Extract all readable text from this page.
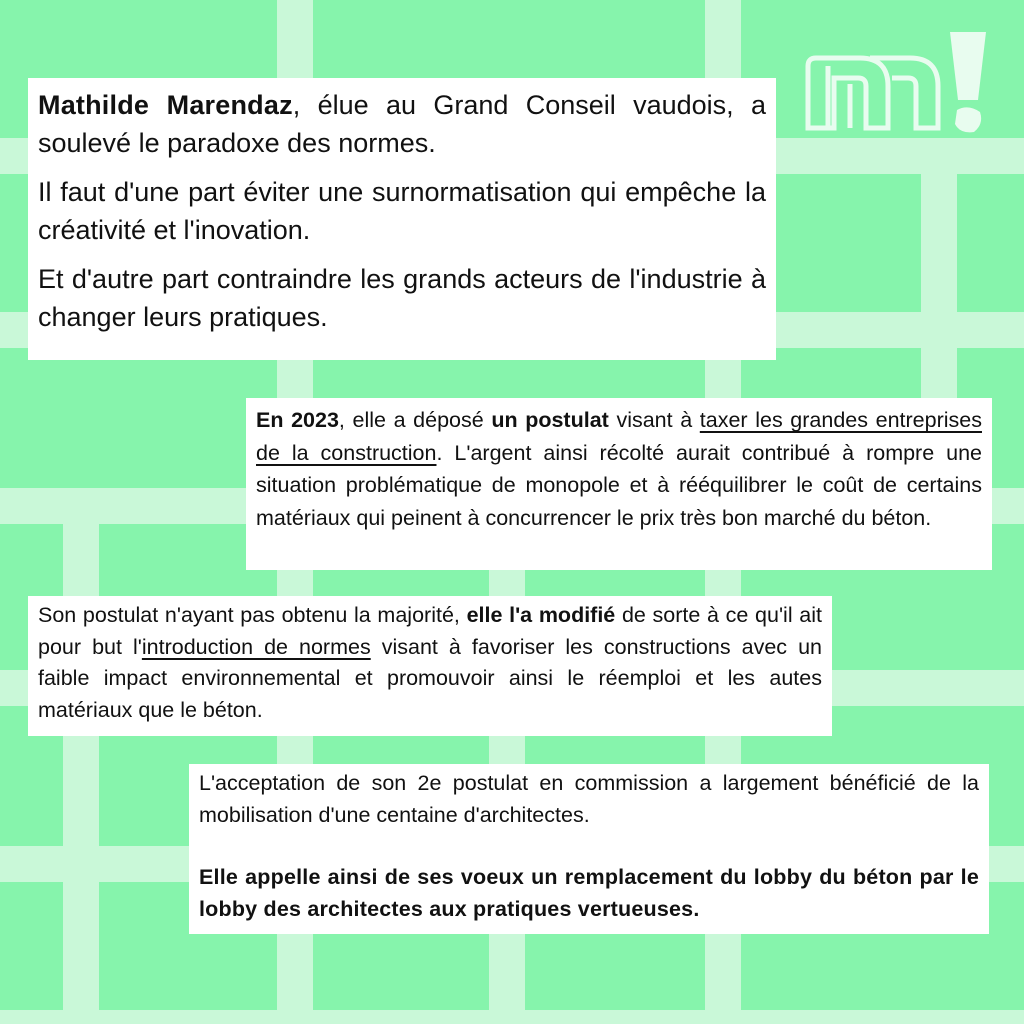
Mathilde Marendaz, élue au Grand Conseil vaudois, a soulevé le paradoxe des normes.

Il faut d'une part éviter une surnormatisation qui empêche la créativité et l'inovation.

Et d'autre part contraindre les grands acteurs de l'industrie à changer leurs pratiques.

En 2023, elle a déposé un postulat visant à taxer les grandes entreprises de la construction. L'argent ainsi récolté aurait contribué à rompre une situation problématique de monopole et à rééquilibrer le coût de certains matériaux qui peinent à concurrencer le prix très bon marché du béton.

Son postulat n'ayant pas obtenu la majorité, elle l'a modifié de sorte à ce qu'il ait pour but l'introduction de normes visant à favoriser les constructions avec un faible impact environnemental et promouvoir ainsi le réemploi et les autes matériaux que le béton.

L'acceptation de son 2e postulat en commission a largement bénéficié de la mobilisation d'une centaine d'architectes.

Elle appelle ainsi de ses voeux un remplacement du lobby du béton par le lobby des architectes aux pratiques vertueuses.
